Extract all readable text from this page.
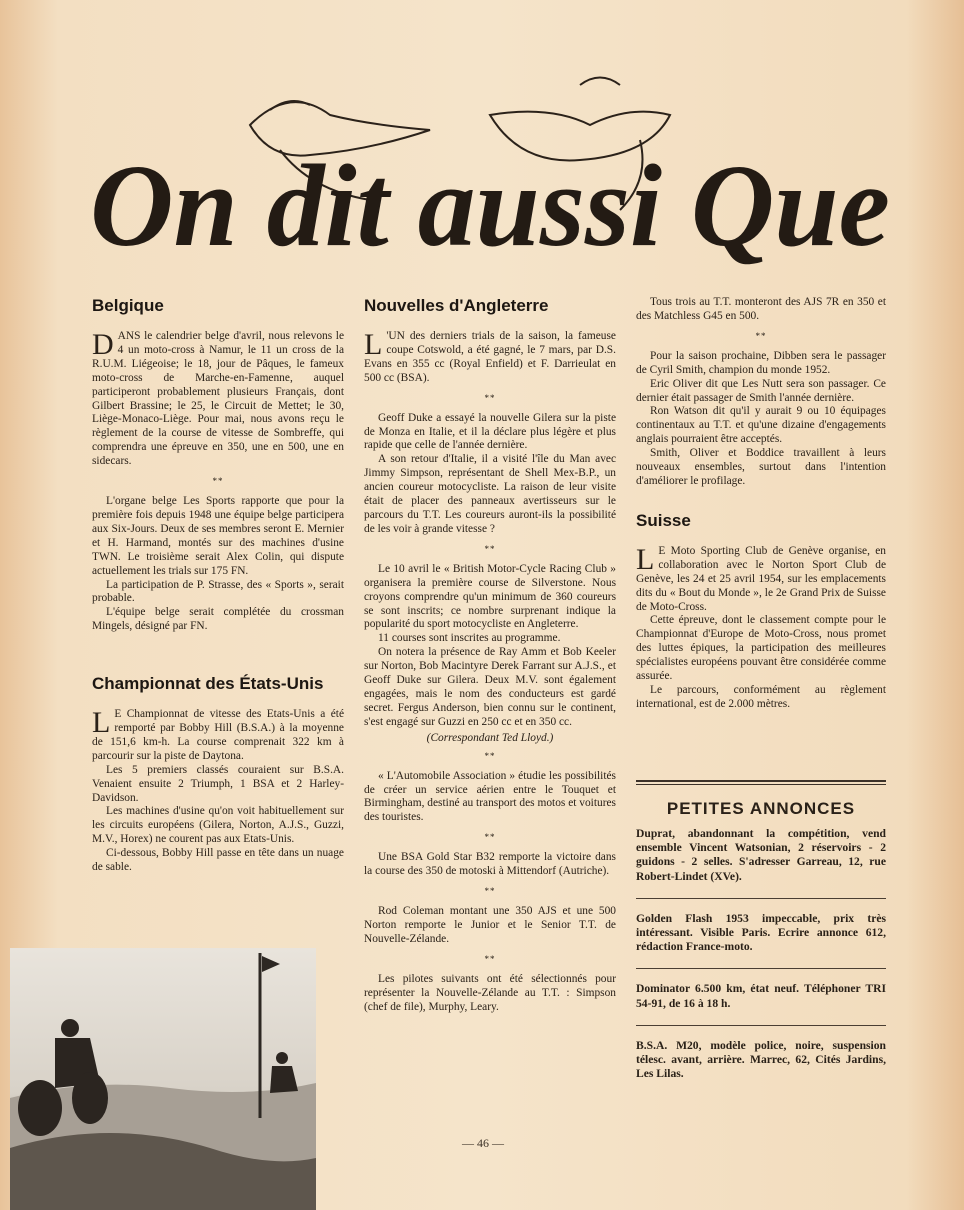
On dit aussi Que
Belgique

DANS le calendrier belge d'avril, nous relevons le 4 un moto-cross à Namur, le 11 un cross de la R.U.M. Liégeoise; le 18, jour de Pâques, le fameux moto-cross de Marche-en-Famenne, auquel participeront probablement plusieurs Français, dont Gilbert Brassine; le 25, le Circuit de Mettet; le 30, Liège-Monaco-Liège. Pour mai, nous avons reçu le règlement de la course de vitesse de Sombreffe, qui comprendra une épreuve en 350, une en 500, une en sidecars.

**

L'organe belge Les Sports rapporte que pour la première fois depuis 1948 une équipe belge participera aux Six-Jours. Deux de ses membres seront E. Mernier et H. Harmand, montés sur des machines d'usine TWN. Le troisième serait Alex Colin, qui dispute actuellement les trials sur 175 FN.

La participation de P. Strasse, des « Sports », serait probable.

L'équipe belge serait complétée du crossman Mingels, désigné par FN.

Championnat des États-Unis

L E Championnat de vitesse des Etats-Unis a été remporté par Bobby Hill (B.S.A.) à la moyenne de 151,6 km-h. La course comprenait 322 km à parcourir sur la piste de Daytona.

Les 5 premiers classés couraient sur B.S.A. Venaient ensuite 2 Triumph, 1 BSA et 2 Harley-Davidson.

Les machines d'usine qu'on voit habituellement sur les circuits européens (Gilera, Norton, A.J.S., Guzzi, M.V., Horex) ne courent pas aux Etats-Unis.

Ci-dessous, Bobby Hill passe en tête dans un nuage de sable.

Nouvelles d'Angleterre

L 'UN des derniers trials de la saison, la fameuse coupe Cotswold, a été gagné, le 7 mars, par D.S. Evans en 355 cc (Royal Enfield) et F. Darrieulat en 500 cc (BSA).

**

Geoff Duke a essayé la nouvelle Gilera sur la piste de Monza en Italie, et il la déclare plus légère et plus rapide que celle de l'année dernière.

A son retour d'Italie, il a visité l'île du Man avec Jimmy Simpson, représentant de Shell Mex-B.P., un ancien coureur motocycliste. La raison de leur visite était de placer des panneaux avertisseurs sur le parcours du T.T. Les coureurs auront-ils la possibilité de les voir à grande vitesse ?

**

Le 10 avril le « British Motor-Cycle Racing Club » organisera la première course de Silverstone. Nous croyons comprendre qu'un minimum de 360 coureurs se sont inscrits; ce nombre surprenant indique la popularité du sport motocycliste en Angleterre.

11 courses sont inscrites au programme.

On notera la présence de Ray Amm et Bob Keeler sur Norton, Bob Macintyre Derek Farrant sur A.J.S., et Geoff Duke sur Gilera. Deux M.V. sont également engagées, mais le nom des conducteurs est gardé secret. Fergus Anderson, bien connu sur le continent, s'est engagé sur Guzzi en 250 cc et en 350 cc.

(Correspondant Ted Lloyd.)
**

« L'Automobile Association » étudie les possibilités de créer un service aérien entre le Touquet et Birmingham, destiné au transport des motos et voitures des touristes.

**

Une BSA Gold Star B32 remporte la victoire dans la course des 350 de motoski à Mittendorf (Autriche).

**

Rod Coleman montant une 350 AJS et une 500 Norton remporte le Junior et le Senior T.T. de Nouvelle-Zélande.

**

Les pilotes suivants ont été sélectionnés pour représenter la Nouvelle-Zélande au T.T. : Simpson (chef de file), Murphy, Leary.

Tous trois au T.T. monteront des AJS 7R en 350 et des Matchless G45 en 500.

**

Pour la saison prochaine, Dibben sera le passager de Cyril Smith, champion du monde 1952.

Eric Oliver dit que Les Nutt sera son passager. Ce dernier était passager de Smith l'année dernière.

Ron Watson dit qu'il y aurait 9 ou 10 équipages continentaux au T.T. et qu'une dizaine d'engagements anglais pourraient être acceptés.

Smith, Oliver et Boddice travaillent à leurs nouveaux ensembles, surtout dans l'intention d'améliorer le profilage.

Suisse

L E Moto Sporting Club de Genève organise, en collaboration avec le Norton Sport Club de Genève, les 24 et 25 avril 1954, sur les emplacements dits du « Bout du Monde », le 2e Grand Prix de Suisse de Moto-Cross.

Cette épreuve, dont le classement compte pour le Championnat d'Europe de Moto-Cross, nous promet des luttes épiques, la participation des meilleures spécialistes européens pouvant être considérée comme assurée.

Le parcours, conformément au règlement international, est de 2.000 mètres.

PETITES ANNONCES
Duprat, abandonnant la compétition, vend ensemble Vincent Watsonian, 2 réservoirs - 2 guidons - 2 selles. S'adresser Garreau, 12, rue Robert-Lindet (XVe).
Golden Flash 1953 impeccable, prix très intéressant. Visible Paris. Ecrire annonce 612, rédaction France-moto.
Dominator 6.500 km, état neuf. Téléphoner TRI 54-91, de 16 à 18 h.
B.S.A. M20, modèle police, noire, suspension télesc. avant, arrière. Marrec, 62, Cités Jardins, Les Lilas.
— 46 —
